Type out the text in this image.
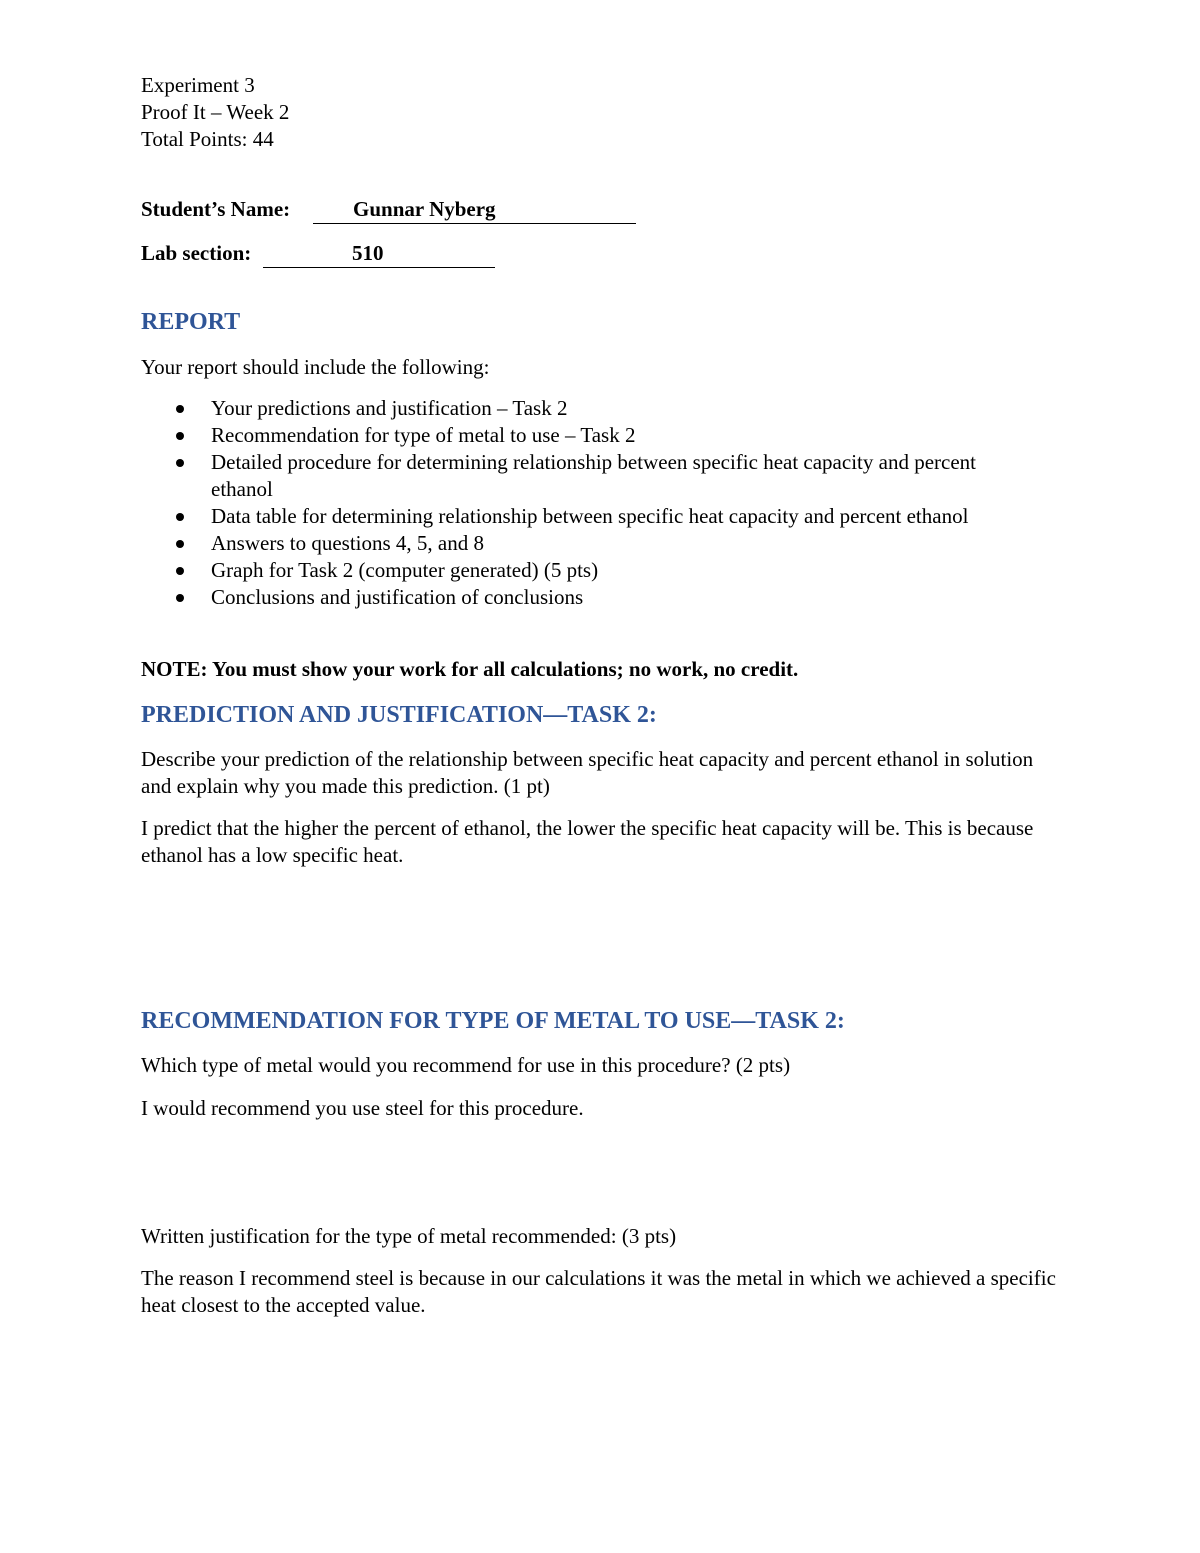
Experiment 3
Proof It – Week 2
Total Points: 44
Student’s Name:	Gunnar Nyberg
Lab section:	510
REPORT
Your report should include the following:
Your predictions and justification – Task 2
Recommendation for type of metal to use – Task 2
Detailed procedure for determining relationship between specific heat capacity and percent ethanol
Data table for determining relationship between specific heat capacity and percent ethanol
Answers to questions 4, 5, and 8
Graph for Task 2 (computer generated) (5 pts)
Conclusions and justification of conclusions
NOTE: You must show your work for all calculations; no work, no credit.
PREDICTION AND JUSTIFICATION—TASK 2:
Describe your prediction of the relationship between specific heat capacity and percent ethanol in solution and explain why you made this prediction. (1 pt)
I predict that the higher the percent of ethanol, the lower the specific heat capacity will be. This is because ethanol has a low specific heat.
RECOMMENDATION FOR TYPE OF METAL TO USE—TASK 2:
Which type of metal would you recommend for use in this procedure? (2 pts)
I would recommend you use steel for this procedure.
Written justification for the type of metal recommended: (3 pts)
The reason I recommend steel is because in our calculations it was the metal in which we achieved a specific heat closest to the accepted value.
